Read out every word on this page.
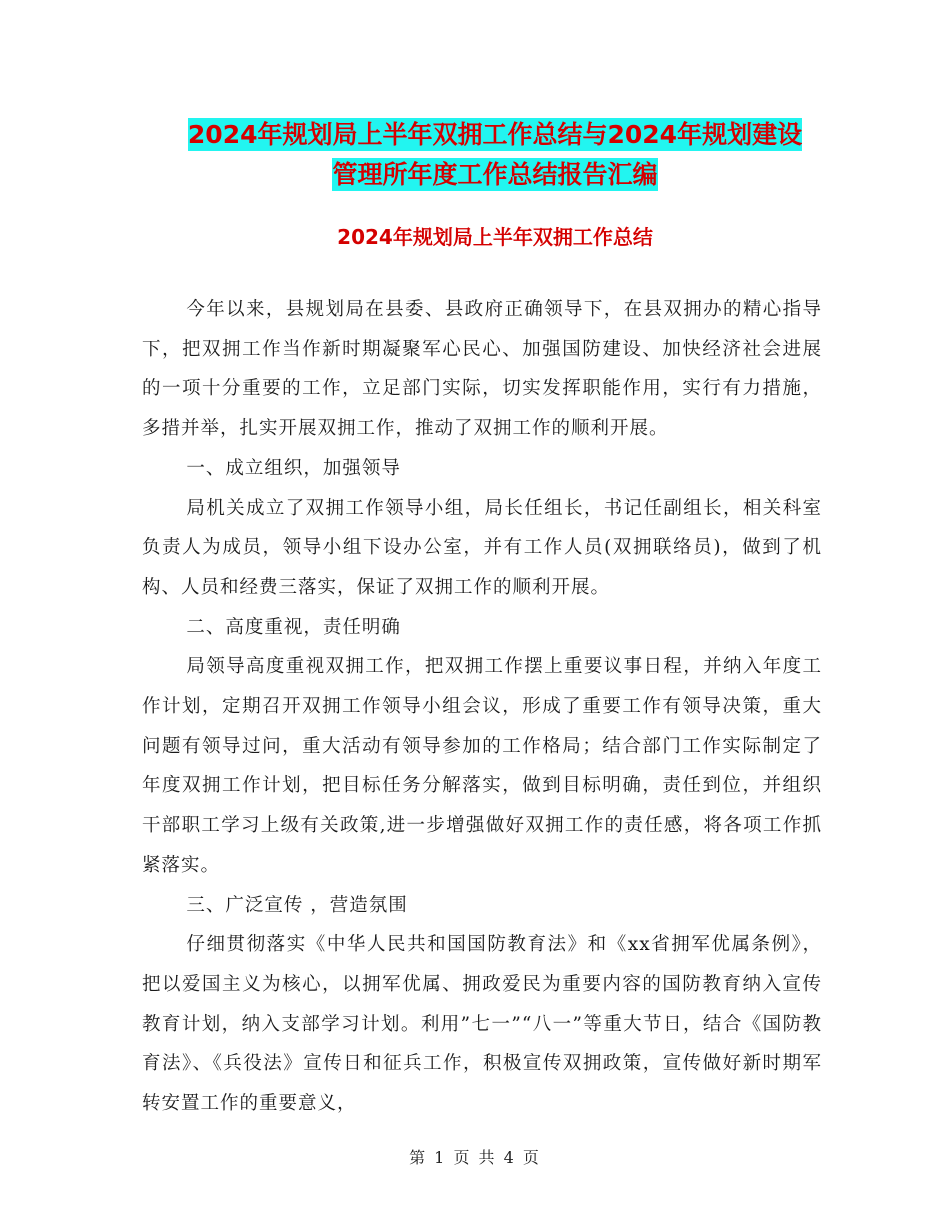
2024年规划局上半年双拥工作总结与2024年规划建设
管理所年度工作总结报告汇编
2024年规划局上半年双拥工作总结

今年以来，县规划局在县委、县政府正确领导下，在县双拥办的精心指导下，把双拥工作当作新时期凝聚军心民心、加强国防建设、加快经济社会进展的一项十分重要的工作，立足部门实际，切实发挥职能作用，实行有力措施，多措并举，扎实开展双拥工作，推动了双拥工作的顺利开展。

一、成立组织，加强领导

局机关成立了双拥工作领导小组，局长任组长，书记任副组长，相关科室负责人为成员，领导小组下设办公室，并有工作人员(双拥联络员)，做到了机构、人员和经费三落实，保证了双拥工作的顺利开展。

二、高度重视，责任明确

局领导高度重视双拥工作，把双拥工作摆上重要议事日程，并纳入年度工作计划，定期召开双拥工作领导小组会议，形成了重要工作有领导决策，重大问题有领导过问，重大活动有领导参加的工作格局；结合部门工作实际制定了年度双拥工作计划，把目标任务分解落实，做到目标明确，责任到位，并组织干部职工学习上级有关政策,进一步增强做好双拥工作的责任感，将各项工作抓紧落实。

三、广泛宣传 ，营造氛围

仔细贯彻落实《中华人民共和国国防教育法》和《xx省拥军优属条例》，把以爱国主义为核心，以拥军优属、拥政爱民为重要内容的国防教育纳入宣传教育计划，纳入支部学习计划。利用”七一”“八一”等重大节日，结合《国防教育法》、《兵役法》宣传日和征兵工作，积极宣传双拥政策，宣传做好新时期军转安置工作的重要意义，

第 1 页 共 4 页
